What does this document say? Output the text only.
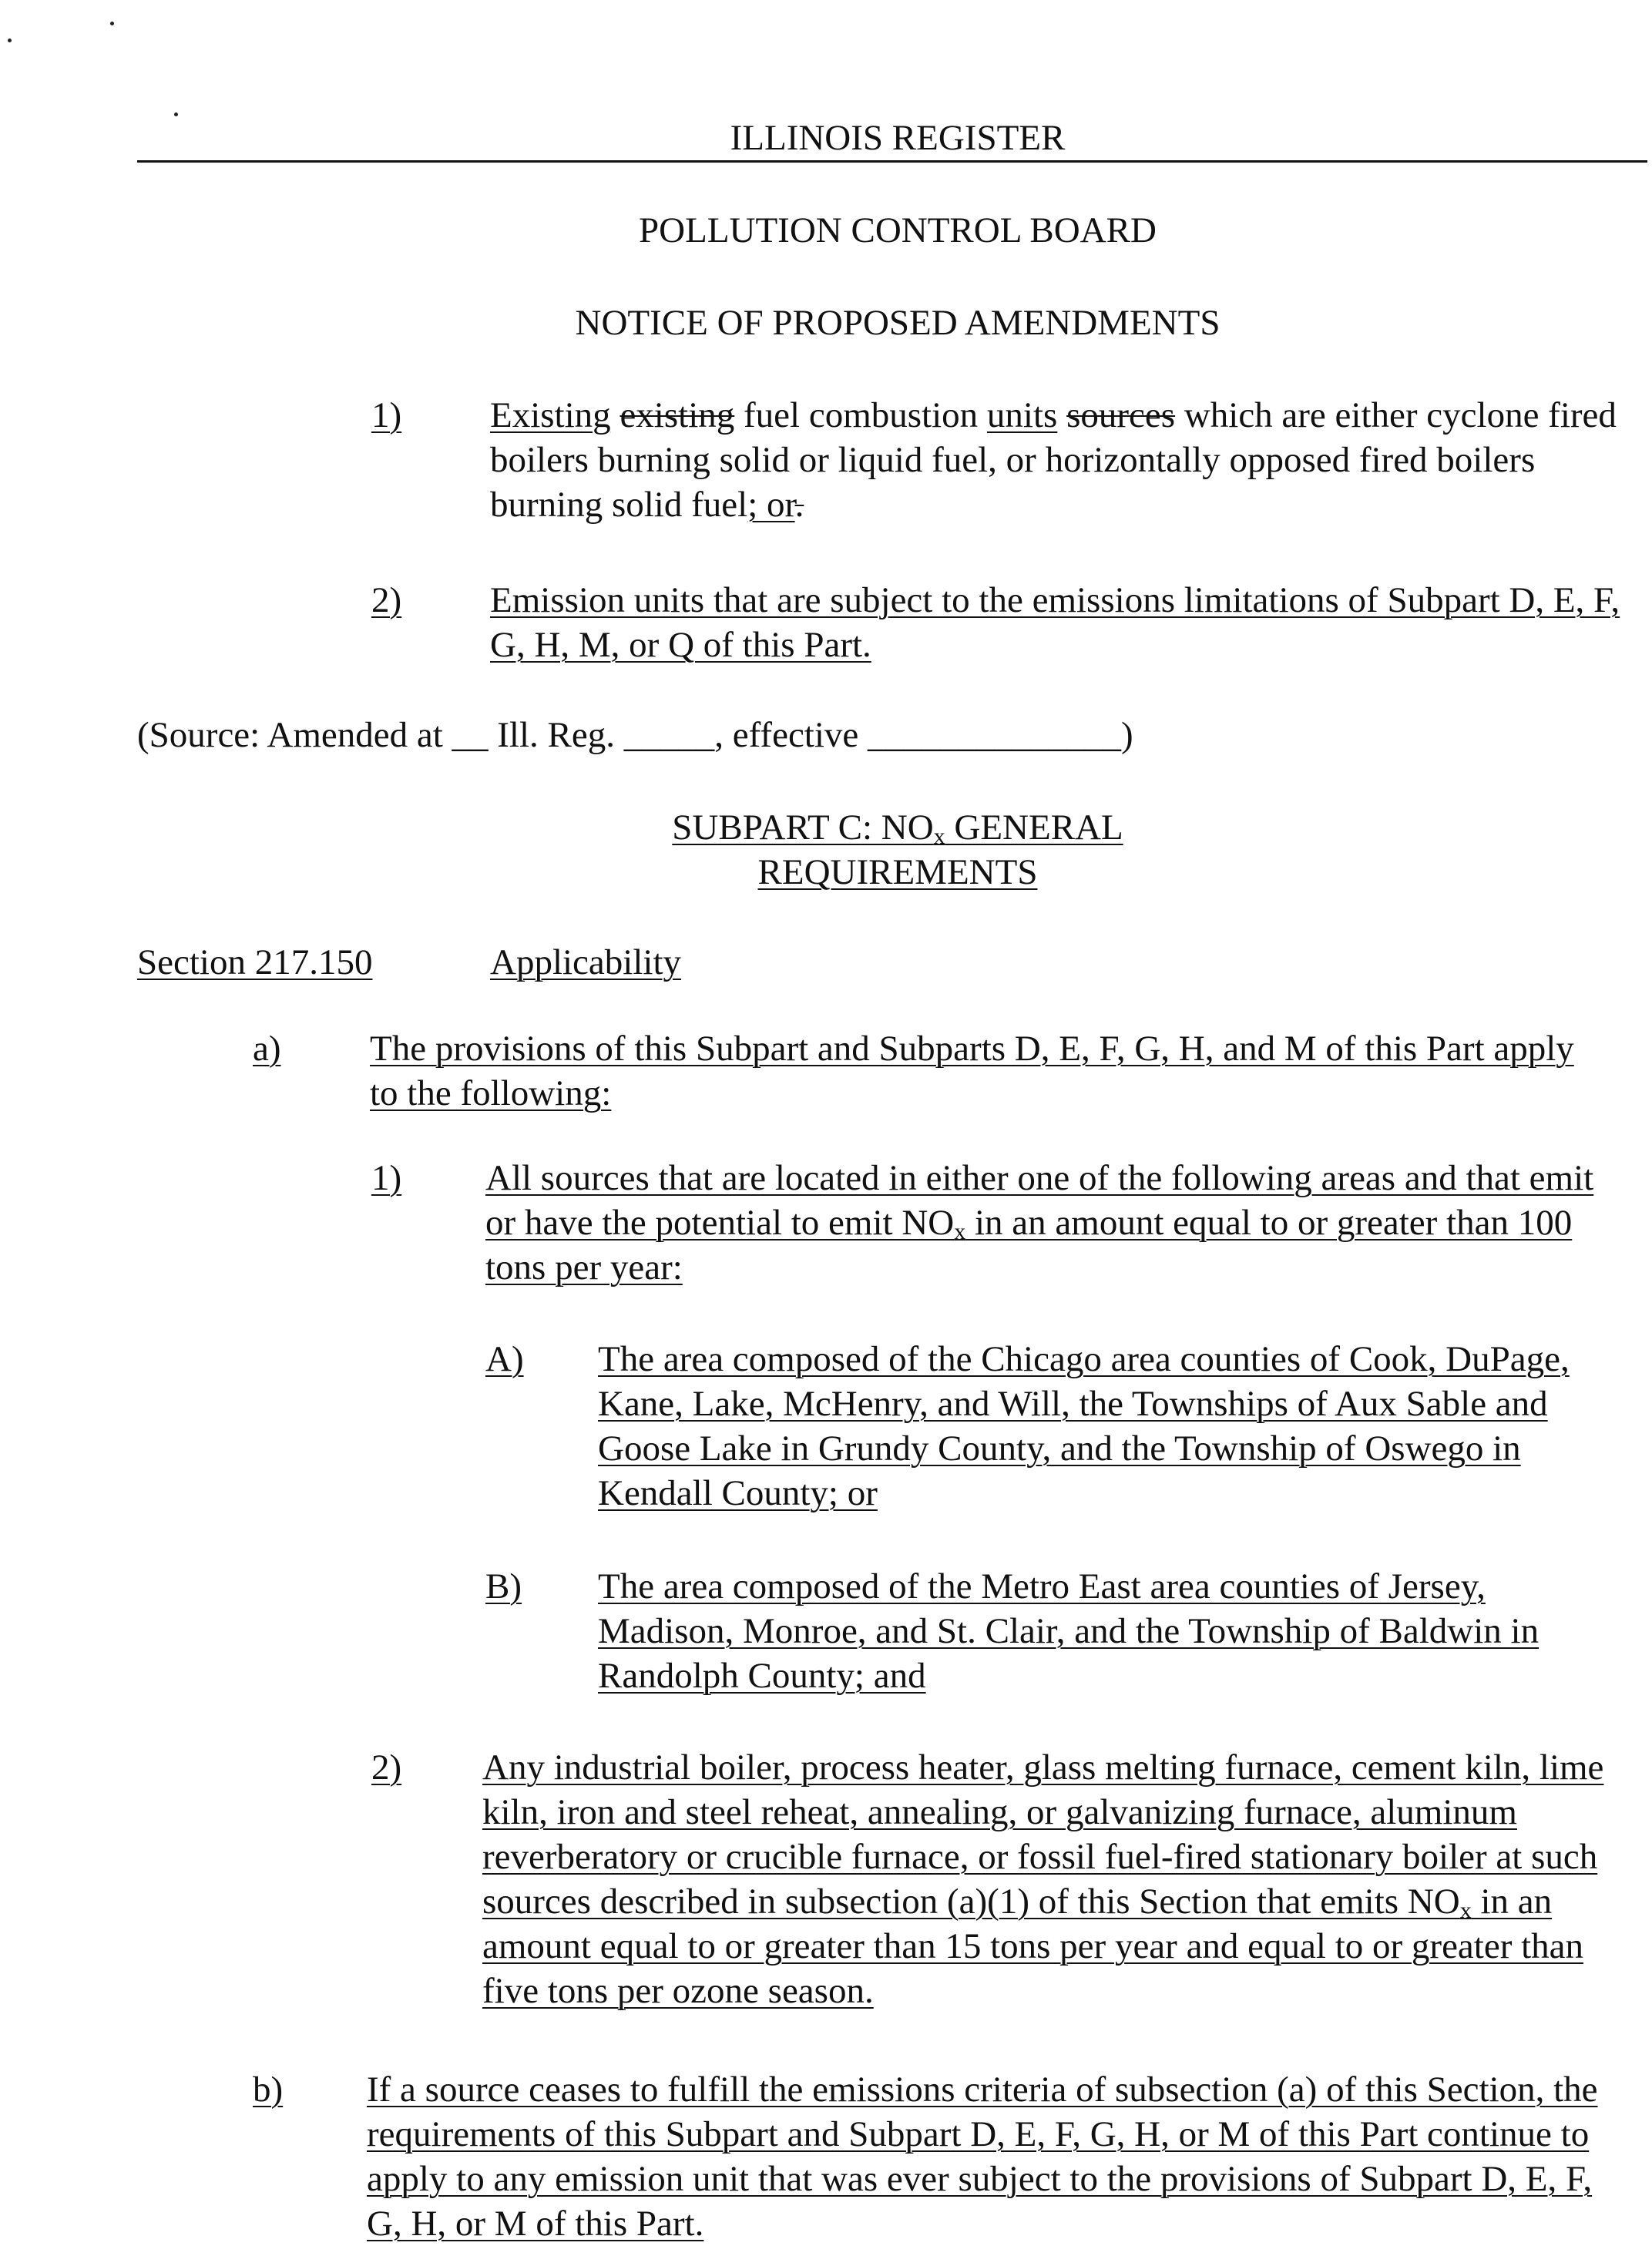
ILLINOIS REGISTER
POLLUTION CONTROL BOARD
NOTICE OF PROPOSED AMENDMENTS
1) Existing existing fuel combustion units sources which are either cyclone fired boilers burning solid or liquid fuel, or horizontally opposed fired boilers burning solid fuel; or.
2) Emission units that are subject to the emissions limitations of Subpart D, E, F, G, H, M, or Q of this Part.
(Source: Amended at __ Ill. Reg. _____, effective ______________)
SUBPART C: $NO_x$ GENERAL
REQUIREMENTS
Section 217.150	Applicability
a) The provisions of this Subpart and Subparts D, E, F, G, H, and M of this Part apply to the following:
1) All sources that are located in either one of the following areas and that emit or have the potential to emit $NO_x$ in an amount equal to or greater than 100 tons per year:
A) The area composed of the Chicago area counties of Cook, DuPage, Kane, Lake, McHenry, and Will, the Townships of Aux Sable and Goose Lake in Grundy County, and the Township of Oswego in Kendall County; or
B) The area composed of the Metro East area counties of Jersey, Madison, Monroe, and St. Clair, and the Township of Baldwin in Randolph County; and
2) Any industrial boiler, process heater, glass melting furnace, cement kiln, lime kiln, iron and steel reheat, annealing, or galvanizing furnace, aluminum reverberatory or crucible furnace, or fossil fuel-fired stationary boiler at such sources described in subsection (a)(1) of this Section that emits $NO_x$ in an amount equal to or greater than 15 tons per year and equal to or greater than five tons per ozone season.
b) If a source ceases to fulfill the emissions criteria of subsection (a) of this Section, the requirements of this Subpart and Subpart D, E, F, G, H, or M of this Part continue to apply to any emission unit that was ever subject to the provisions of Subpart D, E, F, G, H, or M of this Part.
